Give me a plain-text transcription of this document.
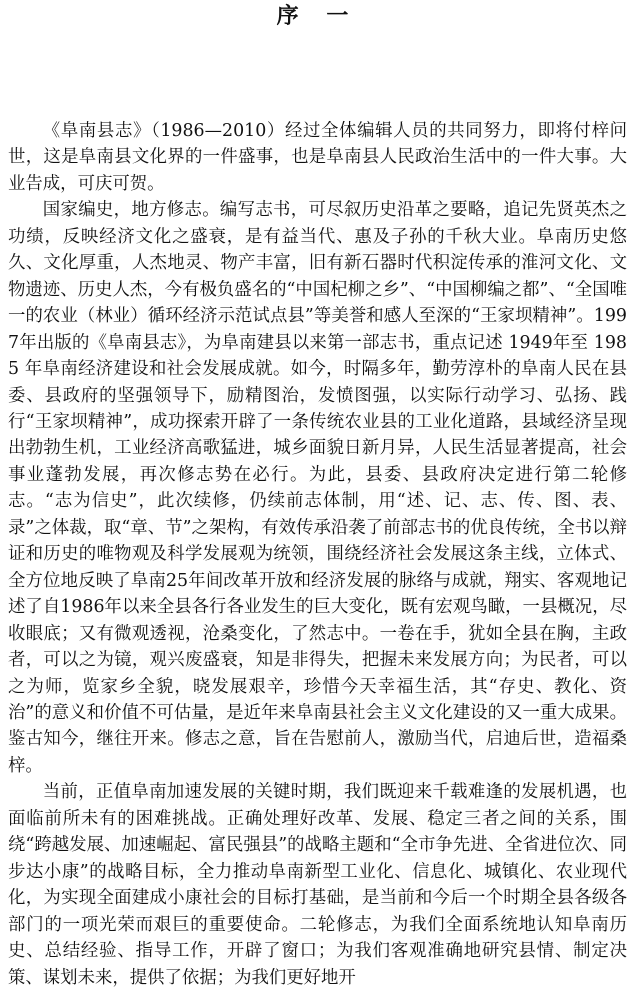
序 一

《阜南县志》（1986—2010）经过全体编辑人员的共同努力，即将付梓问世，这是阜南县文化界的一件盛事，也是阜南县人民政治生活中的一件大事。大业告成，可庆可贺。

国家编史，地方修志。编写志书，可尽叙历史沿革之要略，追记先贤英杰之功绩，反映经济文化之盛衰，是有益当代、惠及子孙的千秋大业。阜南历史悠久、文化厚重，人杰地灵、物产丰富，旧有新石器时代积淀传承的淮河文化、文物遗迹、历史人杰，今有极负盛名的“中国杞柳之乡”、“中国柳编之都”、“全国唯一的农业（林业）循环经济示范试点县”等美誉和感人至深的“王家坝精神”。1997年出版的《阜南县志》，为阜南建县以来第一部志书，重点记述 1949年至 1985 年阜南经济建设和社会发展成就。如今，时隔多年，勤劳淳朴的阜南人民在县委、县政府的坚强领导下，励精图治，发愤图强，以实际行动学习、弘扬、践行“王家坝精神”，成功探索开辟了一条传统农业县的工业化道路，县域经济呈现出勃勃生机，工业经济高歌猛进，城乡面貌日新月异，人民生活显著提高，社会事业蓬勃发展，再次修志势在必行。为此，县委、县政府决定进行第二轮修志。“志为信史”，此次续修，仍续前志体制，用“述、记、志、传、图、表、录”之体裁，取“章、节”之架构，有效传承沿袭了前部志书的优良传统，全书以辩证和历史的唯物观及科学发展观为统领，围绕经济社会发展这条主线，立体式、全方位地反映了阜南25年间改革开放和经济发展的脉络与成就，翔实、客观地记述了自1986年以来全县各行各业发生的巨大变化，既有宏观鸟瞰，一县概况，尽收眼底；又有微观透视，沧桑变化，了然志中。一卷在手，犹如全县在胸，主政者，可以之为镜，观兴废盛衰，知是非得失，把握未来发展方向；为民者，可以之为师，览家乡全貌，晓发展艰辛，珍惜今天幸福生活，其“存史、教化、资治”的意义和价值不可估量，是近年来阜南县社会主义文化建设的又一重大成果。鉴古知今，继往开来。修志之意，旨在告慰前人，激励当代，启迪后世，造福桑梓。

当前，正值阜南加速发展的关键时期，我们既迎来千载难逢的发展机遇，也面临前所未有的困难挑战。正确处理好改革、发展、稳定三者之间的关系，围绕“跨越发展、加速崛起、富民强县”的战略主题和“全市争先进、全省进位次、同步达小康”的战略目标，全力推动阜南新型工业化、信息化、城镇化、农业现代化，为实现全面建成小康社会的目标打基础，是当前和今后一个时期全县各级各部门的一项光荣而艰巨的重要使命。二轮修志，为我们全面系统地认知阜南历史、总结经验、指导工作，开辟了窗口；为我们客观准确地研究县情、制定决策、谋划未来，提供了依据；为我们更好地开
